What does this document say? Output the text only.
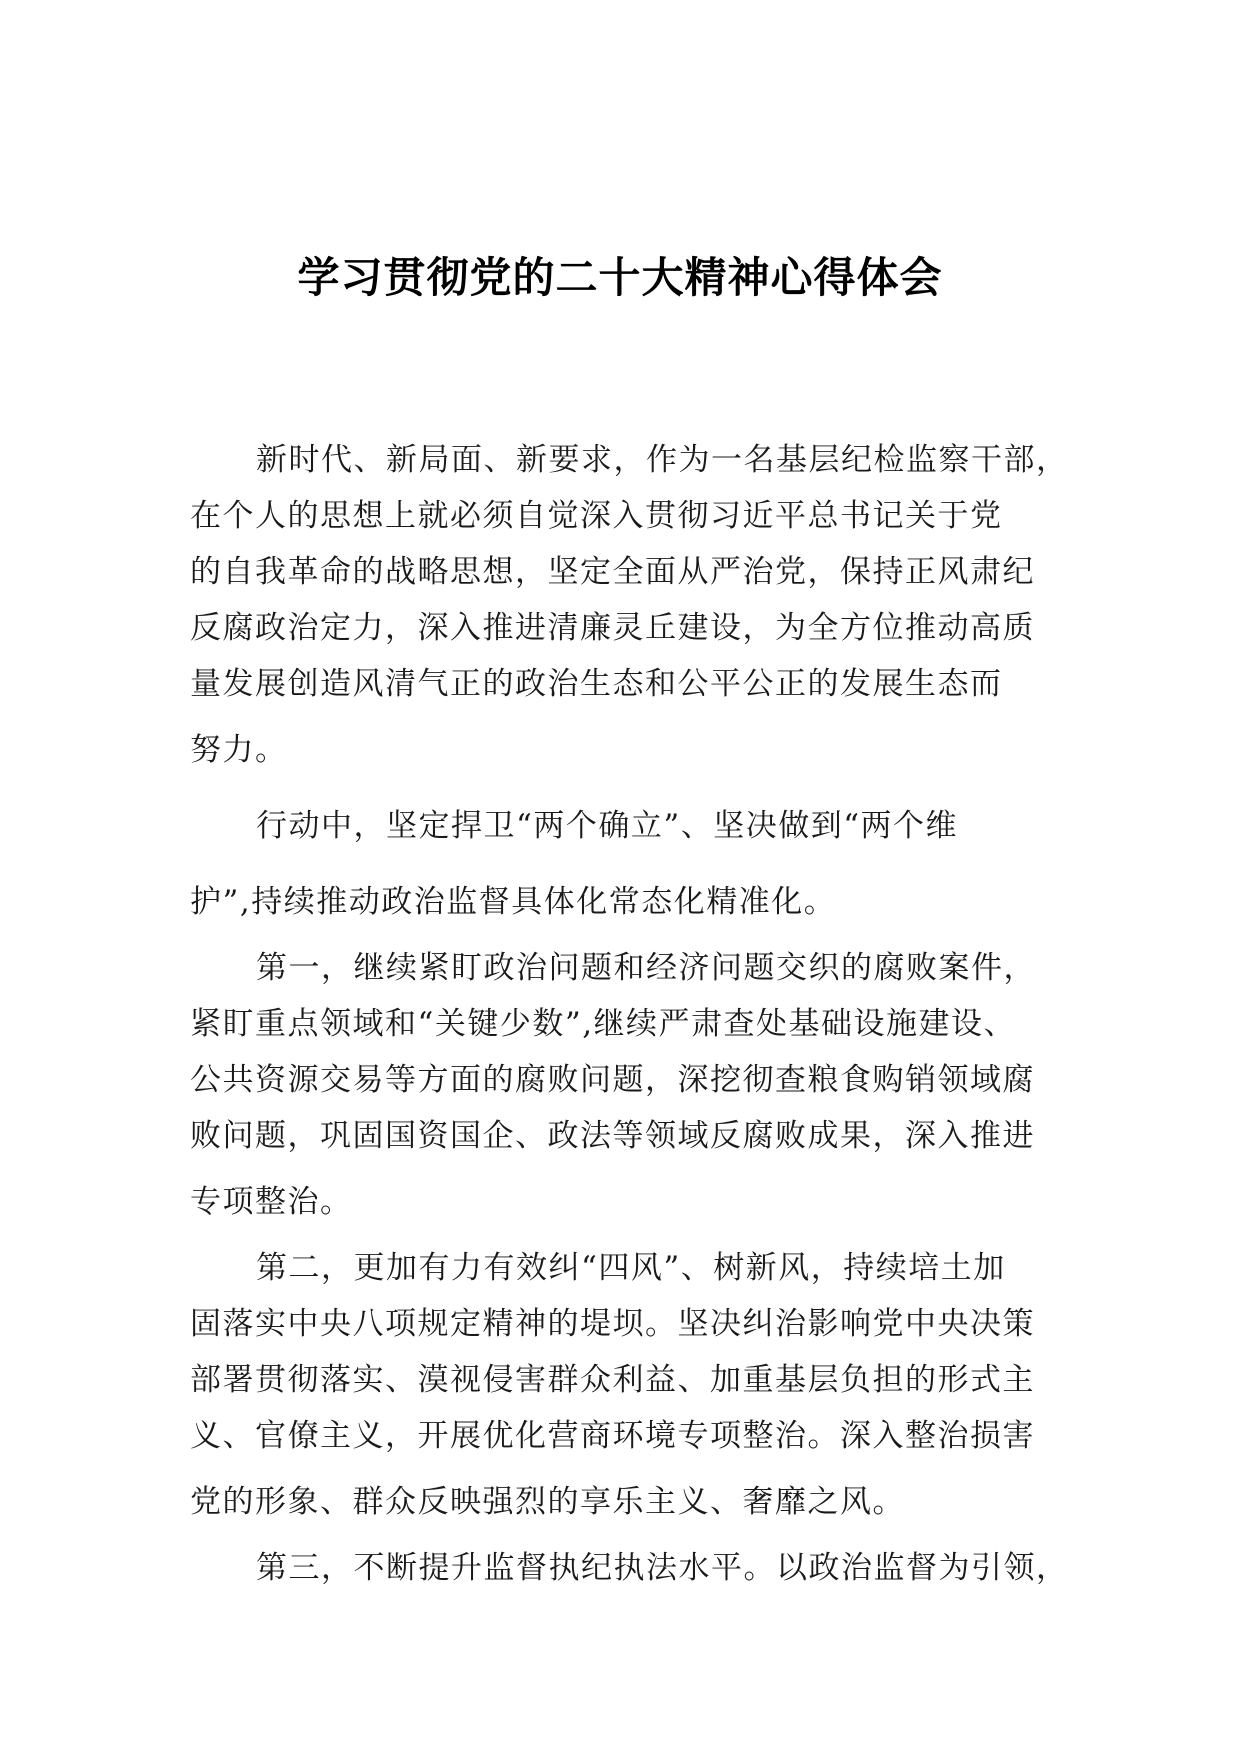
学习贯彻党的二十大精神心得体会
新时代、新局面、新要求，作为一名基层纪检监察干部，
在个人的思想上就必须自觉深入贯彻习近平总书记关于党
的自我革命的战略思想，坚定全面从严治党，保持正风肃纪
反腐政治定力，深入推进清廉灵丘建设，为全方位推动高质
量发展创造风清气正的政治生态和公平公正的发展生态而
努力。
行动中，坚定捍卫“两个确立”、坚决做到“两个维
护”,持续推动政治监督具体化常态化精准化。
第一，继续紧盯政治问题和经济问题交织的腐败案件，
紧盯重点领域和“关键少数”,继续严肃查处基础设施建设、
公共资源交易等方面的腐败问题，深挖彻查粮食购销领域腐
败问题，巩固国资国企、政法等领域反腐败成果，深入推进
专项整治。
第二，更加有力有效纠“四风”、树新风，持续培土加
固落实中央八项规定精神的堤坝。坚决纠治影响党中央决策
部署贯彻落实、漠视侵害群众利益、加重基层负担的形式主
义、官僚主义，开展优化营商环境专项整治。深入整治损害
党的形象、群众反映强烈的享乐主义、奢靡之风。
第三，不断提升监督执纪执法水平。以政治监督为引领，
